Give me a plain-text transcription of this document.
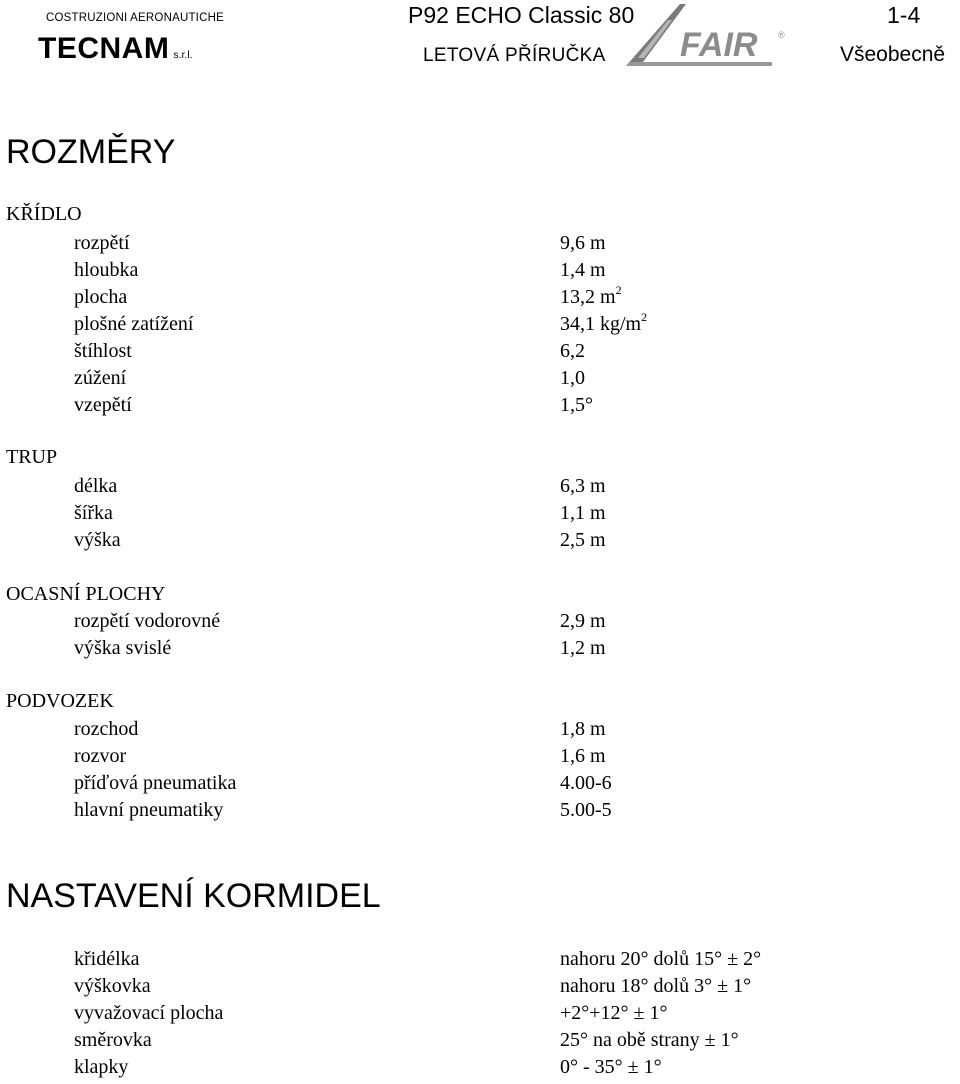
COSTRUZIONI AERONAUTICHE
TECNAM s.r.l.
P92 ECHO Classic 80
LETOVÁ PŘÍRUČKA
1-4
Všeobecně
FAIR ®
ROZMĚRY
KŘÍDLO
rozpětí	9,6 m
hloubka	1,4 m
plocha	13,2 $m^2$
plošné zatížení	34,1 $kg/m^2$
štíhlost	6,2
zúžení	1,0
vzepětí	1,5°
TRUP
délka	6,3 m
šířka	1,1 m
výška	2,5 m
OCASNÍ PLOCHY
rozpětí vodorovné	2,9 m
výška svislé	1,2 m
PODVOZEK
rozchod	1,8 m
rozvor	1,6 m
příďová pneumatika	4.00-6
hlavní pneumatiky	5.00-5
NASTAVENÍ KORMIDEL
křidélka	nahoru 20° dolů 15° ± 2°
výškovka	nahoru 18° dolů 3° ± 1°
vyvažovací plocha	+2°+12° ± 1°
směrovka	25° na obě strany ± 1°
klapky	0° - 35° ± 1°
